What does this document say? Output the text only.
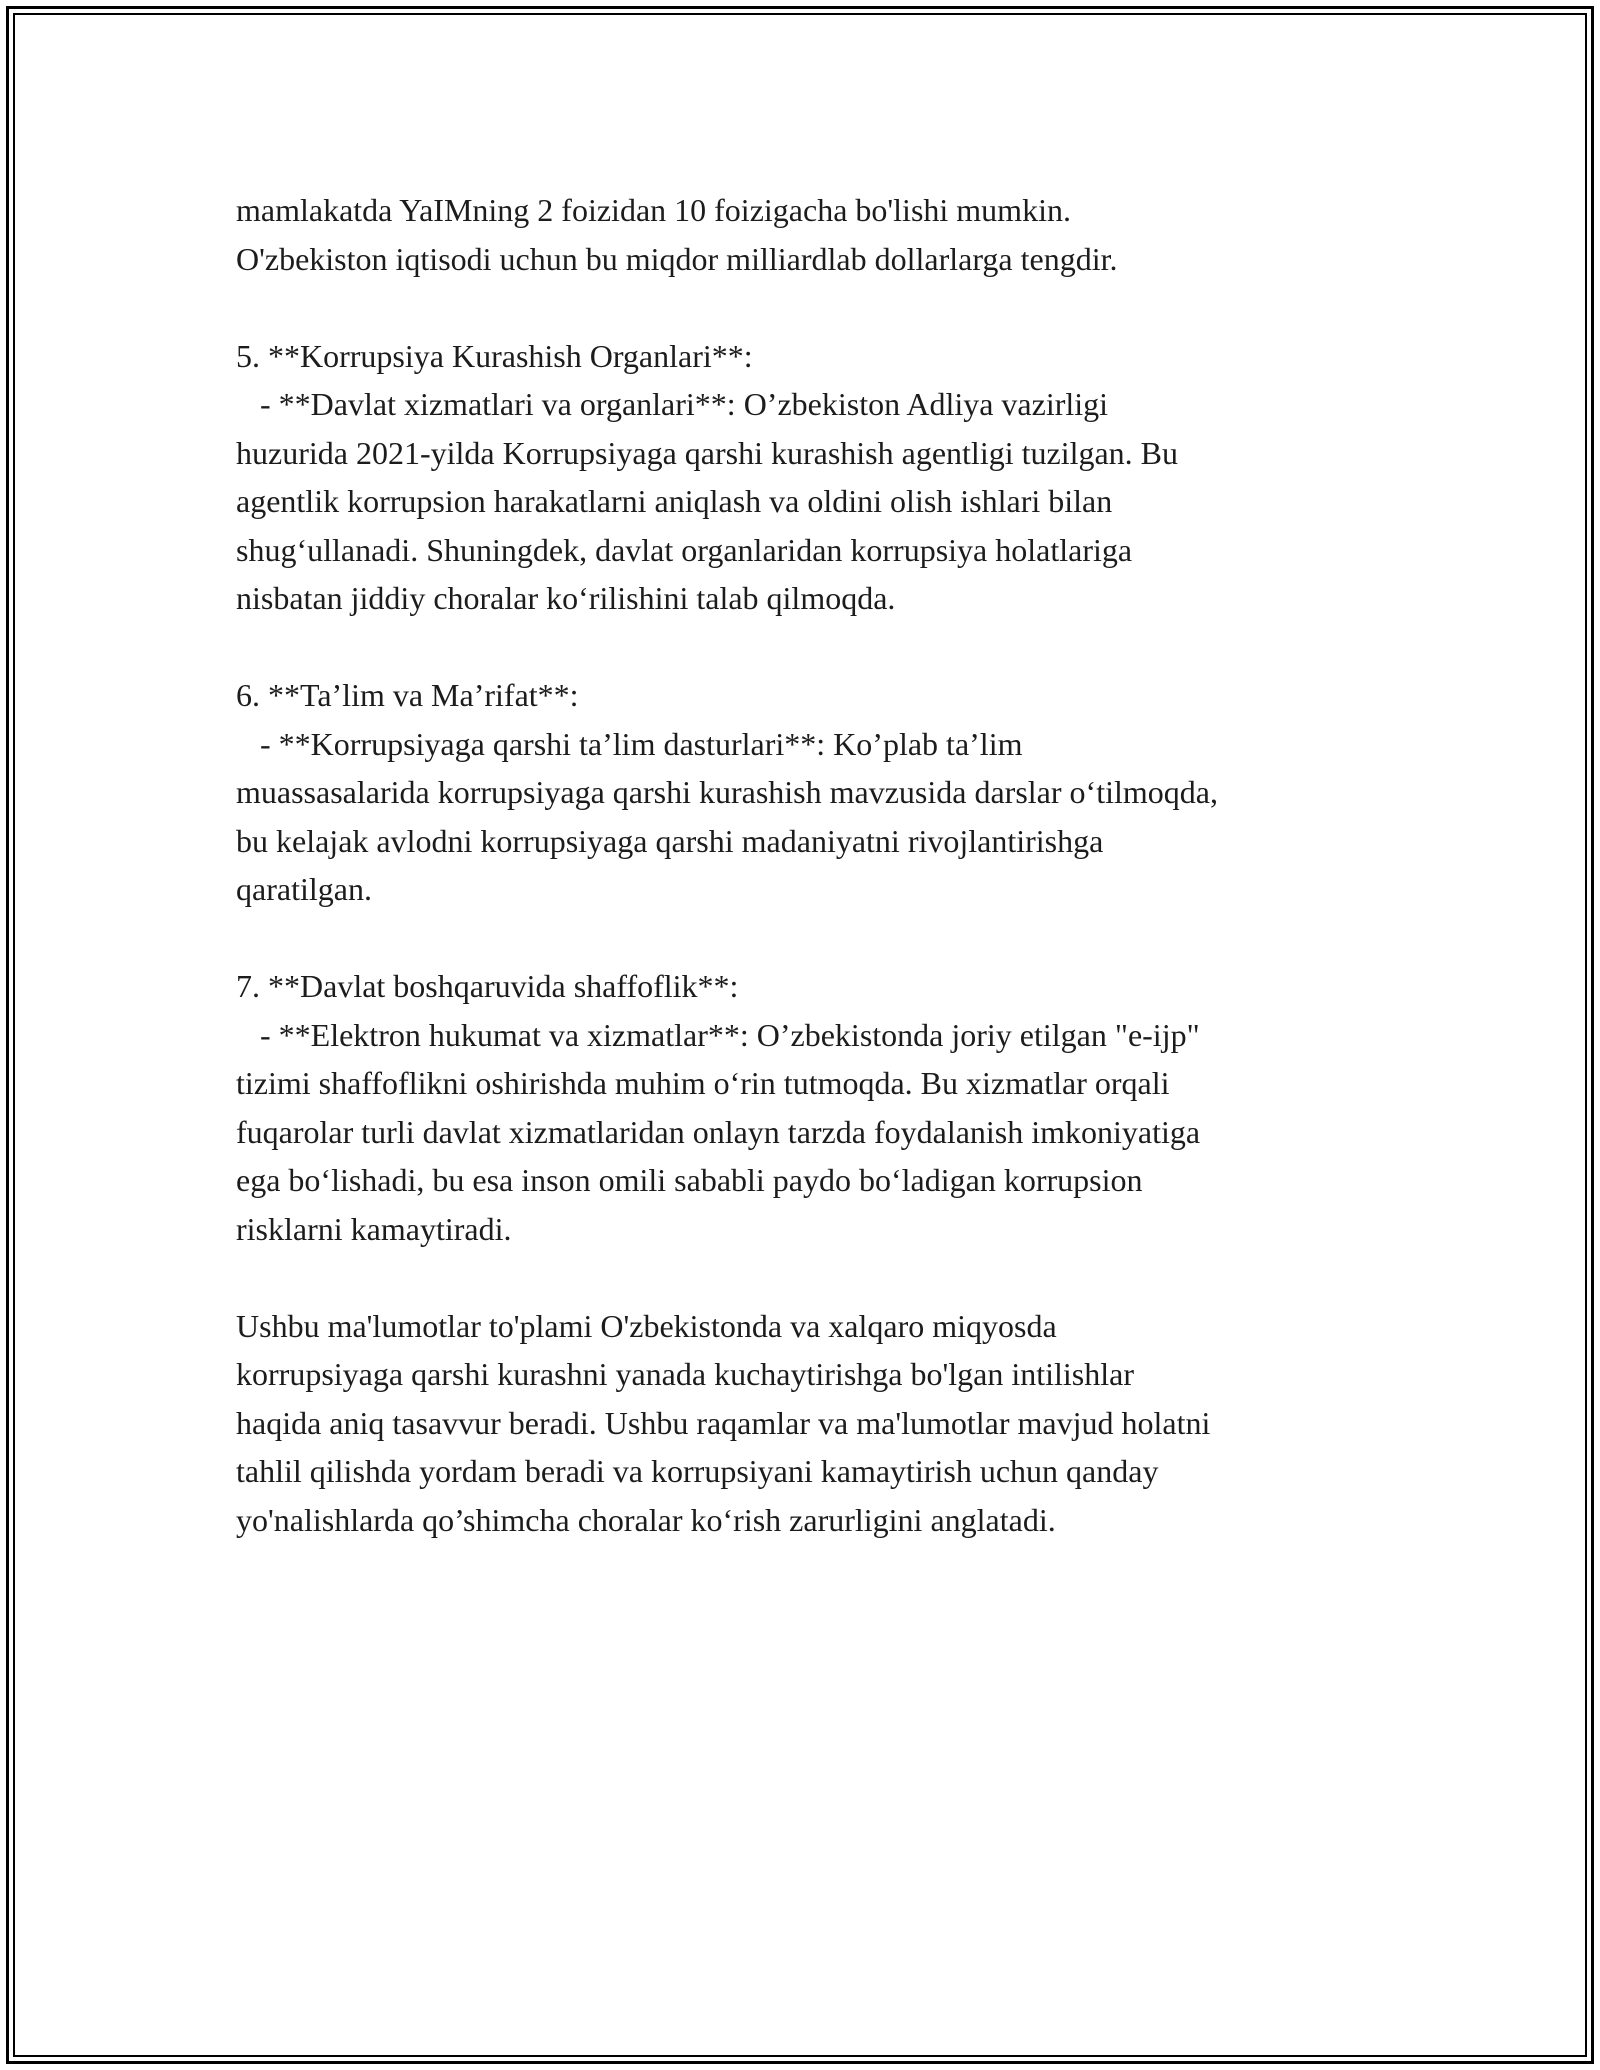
mamlakatda YaIMning 2 foizidan 10 foizigacha bo'lishi mumkin.
O'zbekiston iqtisodi uchun bu miqdor milliardlab dollarlarga tengdir.
5. **Korrupsiya Kurashish Organlari**:
- **Davlat xizmatlari va organlari**: O’zbekiston Adliya vazirligi
huzurida 2021-yilda Korrupsiyaga qarshi kurashish agentligi tuzilgan. Bu
agentlik korrupsion harakatlarni aniqlash va oldini olish ishlari bilan
shug‘ullanadi. Shuningdek, davlat organlaridan korrupsiya holatlariga
nisbatan jiddiy choralar ko‘rilishini talab qilmoqda.
6. **Ta’lim va Ma’rifat**:
- **Korrupsiyaga qarshi ta’lim dasturlari**: Ko’plab ta’lim
muassasalarida korrupsiyaga qarshi kurashish mavzusida darslar o‘tilmoqda,
bu kelajak avlodni korrupsiyaga qarshi madaniyatni rivojlantirishga
qaratilgan.
7. **Davlat boshqaruvida shaffoflik**:
- **Elektron hukumat va xizmatlar**: O’zbekistonda joriy etilgan "e-ijp"
tizimi shaffoflikni oshirishda muhim o‘rin tutmoqda. Bu xizmatlar orqali
fuqarolar turli davlat xizmatlaridan onlayn tarzda foydalanish imkoniyatiga
ega bo‘lishadi, bu esa inson omili sababli paydo bo‘ladigan korrupsion
risklarni kamaytiradi.
Ushbu ma'lumotlar to'plami O'zbekistonda va xalqaro miqyosda
korrupsiyaga qarshi kurashni yanada kuchaytirishga bo'lgan intilishlar
haqida aniq tasavvur beradi. Ushbu raqamlar va ma'lumotlar mavjud holatni
tahlil qilishda yordam beradi va korrupsiyani kamaytirish uchun qanday
yo'nalishlarda qo’shimcha choralar ko‘rish zarurligini anglatadi.
